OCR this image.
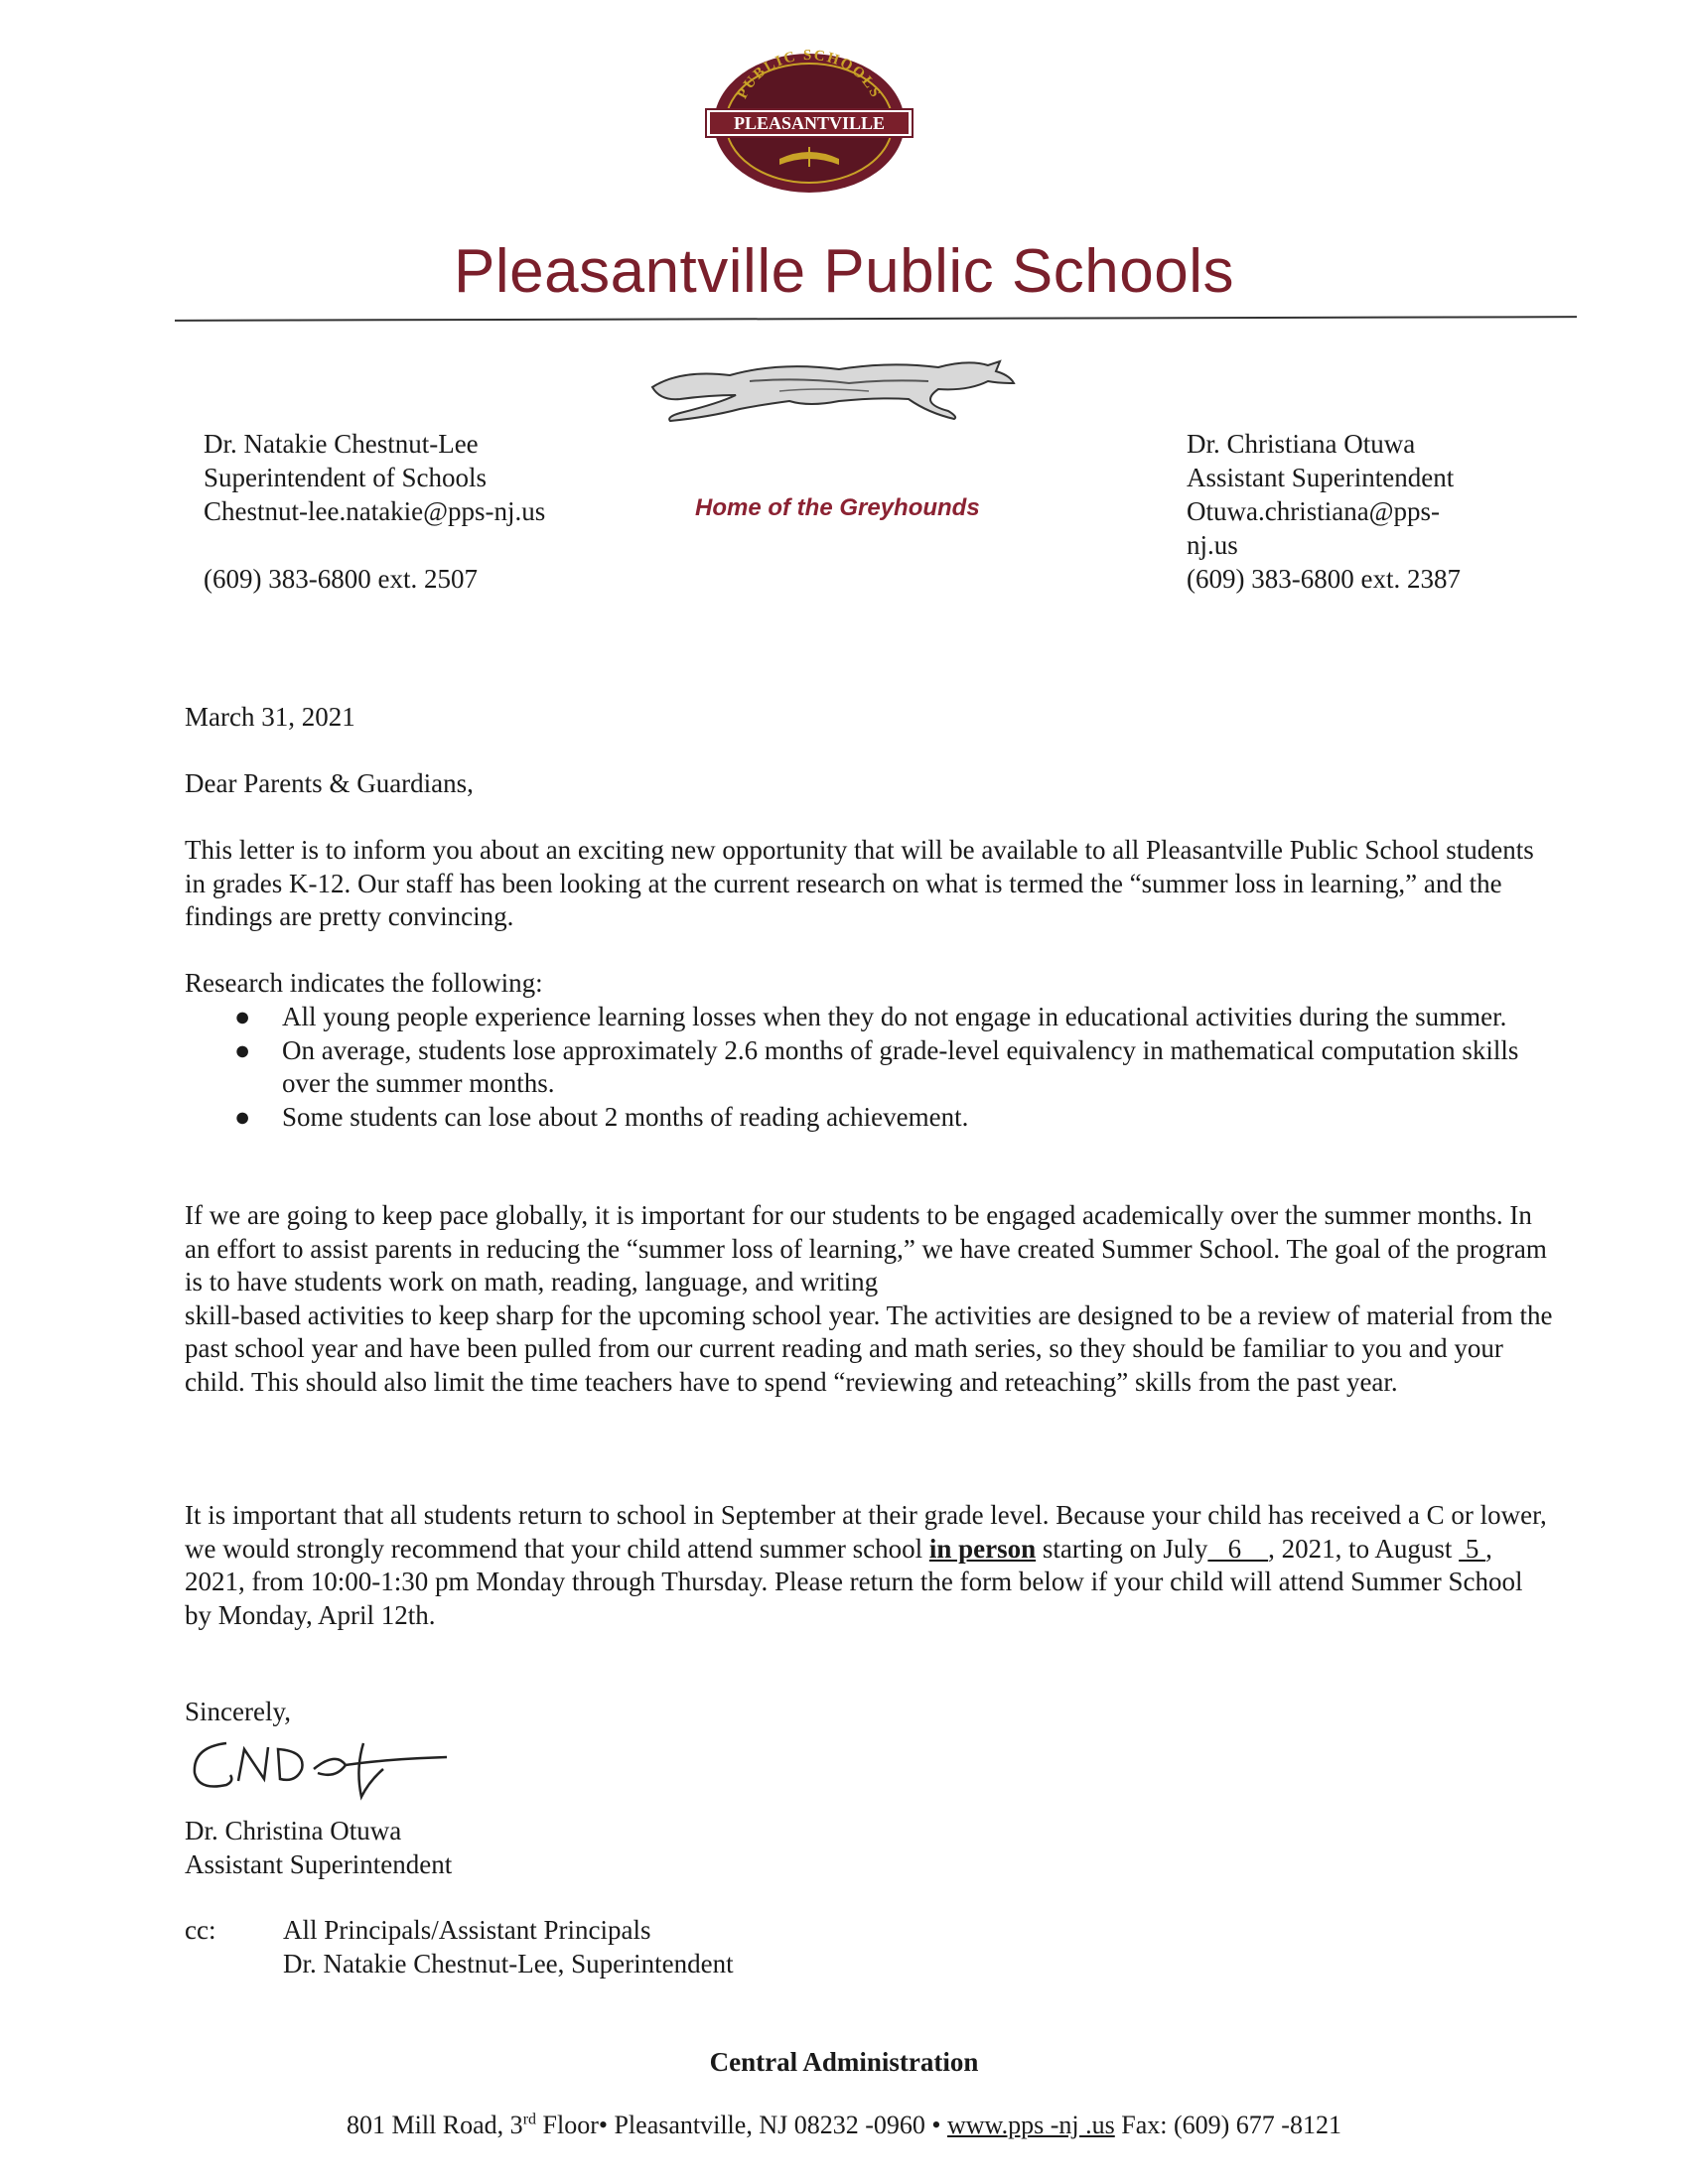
PUBLIC SCHOOLS
PLEASANTVILLE
Pleasantville Public Schools
Dr. Natakie Chestnut-Lee
Superintendent of Schools
Chestnut-lee.natakie@pps-nj.us
(609) 383-6800 ext. 2507
Home of the Greyhounds
Dr. Christiana Otuwa
Assistant Superintendent
Otuwa.christiana@pps-
nj.us
(609) 383-6800 ext. 2387
March 31, 2021
Dear Parents & Guardians,

This letter is to inform you about an exciting new opportunity that will be available to all Pleasantville Public School students in grades K-12. Our staff has been looking at the current research on what is termed the “summer loss in learning,” and the findings are pretty convincing.

Research indicates the following:
● All young people experience learning losses when they do not engage in educational activities during the summer.
● On average, students lose approximately 2.6 months of grade-level equivalency in mathematical computation skills over the summer months.
● Some students can lose about 2 months of reading achievement.

If we are going to keep pace globally, it is important for our students to be engaged academically over the summer months. In an effort to assist parents in reducing the “summer loss of learning,” we have created Summer School. The goal of the program is to have students work on math, reading, language, and writing

skill-based activities to keep sharp for the upcoming school year. The activities are designed to be a review of material from the past school year and have been pulled from our current reading and math series, so they should be familiar to you and your child. This should also limit the time teachers have to spend “reviewing and reteaching” skills from the past year.

It is important that all students return to school in September at their grade level. Because your child has received a C or lower, we would strongly recommend that your child attend summer school in person starting on July   6    , 2021, to August  5 , 2021, from 10:00-1:30 pm Monday through Thursday. Please return the form below if your child will attend Summer School by Monday, April 12th.

Sincerely,
Dr. Christina Otuwa
Assistant Superintendent
cc:	All Principals/Assistant Principals
Dr. Natakie Chestnut-Lee, Superintendent
Central Administration
801 Mill Road, 3rd Floor• Pleasantville, NJ 08232 -0960 • www.pps -nj .us Fax: (609) 677 -8121
